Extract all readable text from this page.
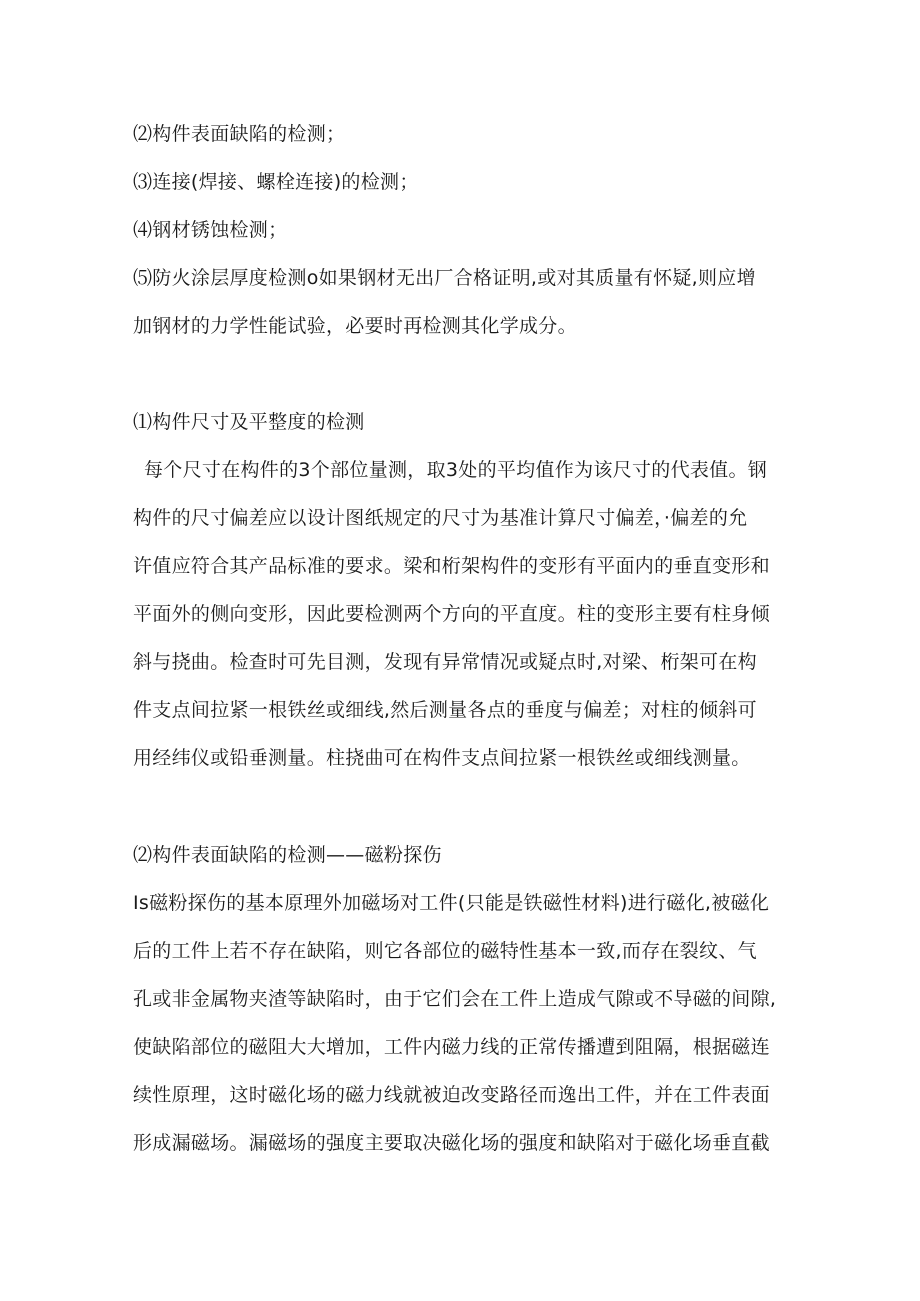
⑵构件表面缺陷的检测；

⑶连接(焊接、螺栓连接)的检测；

⑷钢材锈蚀检测；

⑸防火涂层厚度检测o如果钢材无出厂合格证明,或对其质量有怀疑,则应增

加钢材的力学性能试验，必要时再检测其化学成分。

⑴构件尺寸及平整度的检测

每个尺寸在构件的3个部位量测，取3处的平均值作为该尺寸的代表值。钢

构件的尺寸偏差应以设计图纸规定的尺寸为基准计算尺寸偏差，·偏差的允

许值应符合其产品标准的要求。梁和桁架构件的变形有平面内的垂直变形和

平面外的侧向变形，因此要检测两个方向的平直度。柱的变形主要有柱身倾

斜与挠曲。检查时可先目测，发现有异常情况或疑点时,对梁、桁架可在构

件支点间拉紧一根铁丝或细线,然后测量各点的垂度与偏差；对柱的倾斜可

用经纬仪或铅垂测量。柱挠曲可在构件支点间拉紧一根铁丝或细线测量。

⑵构件表面缺陷的检测——磁粉探伤

Is磁粉探伤的基本原理外加磁场对工件(只能是铁磁性材料)进行磁化,被磁化

后的工件上若不存在缺陷，则它各部位的磁特性基本一致,而存在裂纹、气

孔或非金属物夹渣等缺陷时，由于它们会在工件上造成气隙或不导磁的间隙,

使缺陷部位的磁阻大大增加，工件内磁力线的正常传播遭到阻隔，根据磁连

续性原理，这时磁化场的磁力线就被迫改变路径而逸出工件，并在工件表面

形成漏磁场。漏磁场的强度主要取决磁化场的强度和缺陷对于磁化场垂直截
